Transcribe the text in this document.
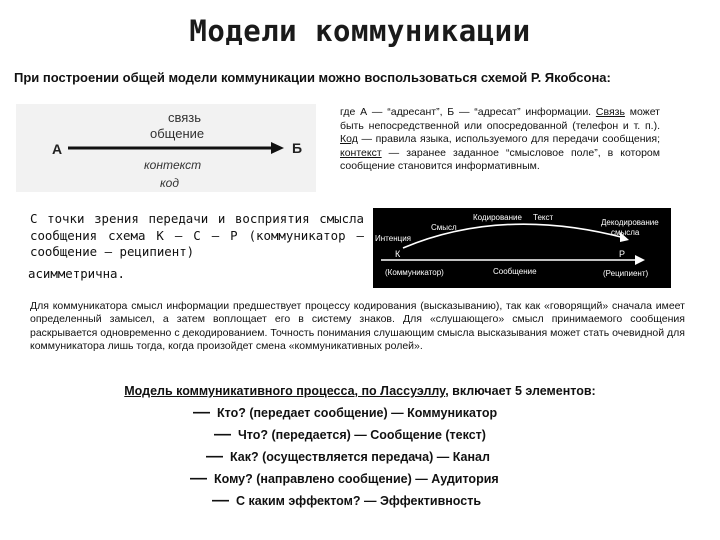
Модели коммуникации
При построении общей модели коммуникации можно воспользоваться схемой Р. Якобсона:
А	Б
связь
общение
контекст
код
где А — “адресант”, Б — “адресат” информации. Связь может быть непосредственной или опосредованной (телефон и т. п.). Код — правила языка, используемого для передачи сообщения; контекст — заранее заданное “смысловое поле”, в котором сообщение становится информативным.
С точки зрения передачи и восприятия смысла сообщения схема К — С — Р (коммуникатор — сообщение — реципиент)
асимметрична.
Интенция
Смысл
Кодирование Текст
Декодирование
смысла
К
(Коммуникатор)	Сообщение
Р
(Реципиент)
Для коммуникатора смысл информации предшествует процессу кодирования (высказыванию), так как «говорящий» сначала имеет определенный замысел, а затем воплощает его в систему знаков. Для «слушающего» смысл принимаемого сообщения раскрывается одновременно с декодированием. Точность понимания слушающим смысла высказывания может стать очевидной для коммуникатора лишь тогда, когда произойдет смена «коммуникативных ролей».
Модель коммуникативного процесса, по Лассуэллу, включает 5 элементов:
— Кто? (передает сообщение) — Коммуникатор
— Что? (передается) — Сообщение (текст)
— Как? (осуществляется передача) — Канал
— Кому? (направлено сообщение) — Аудитория
— С каким эффектом? — Эффективность
